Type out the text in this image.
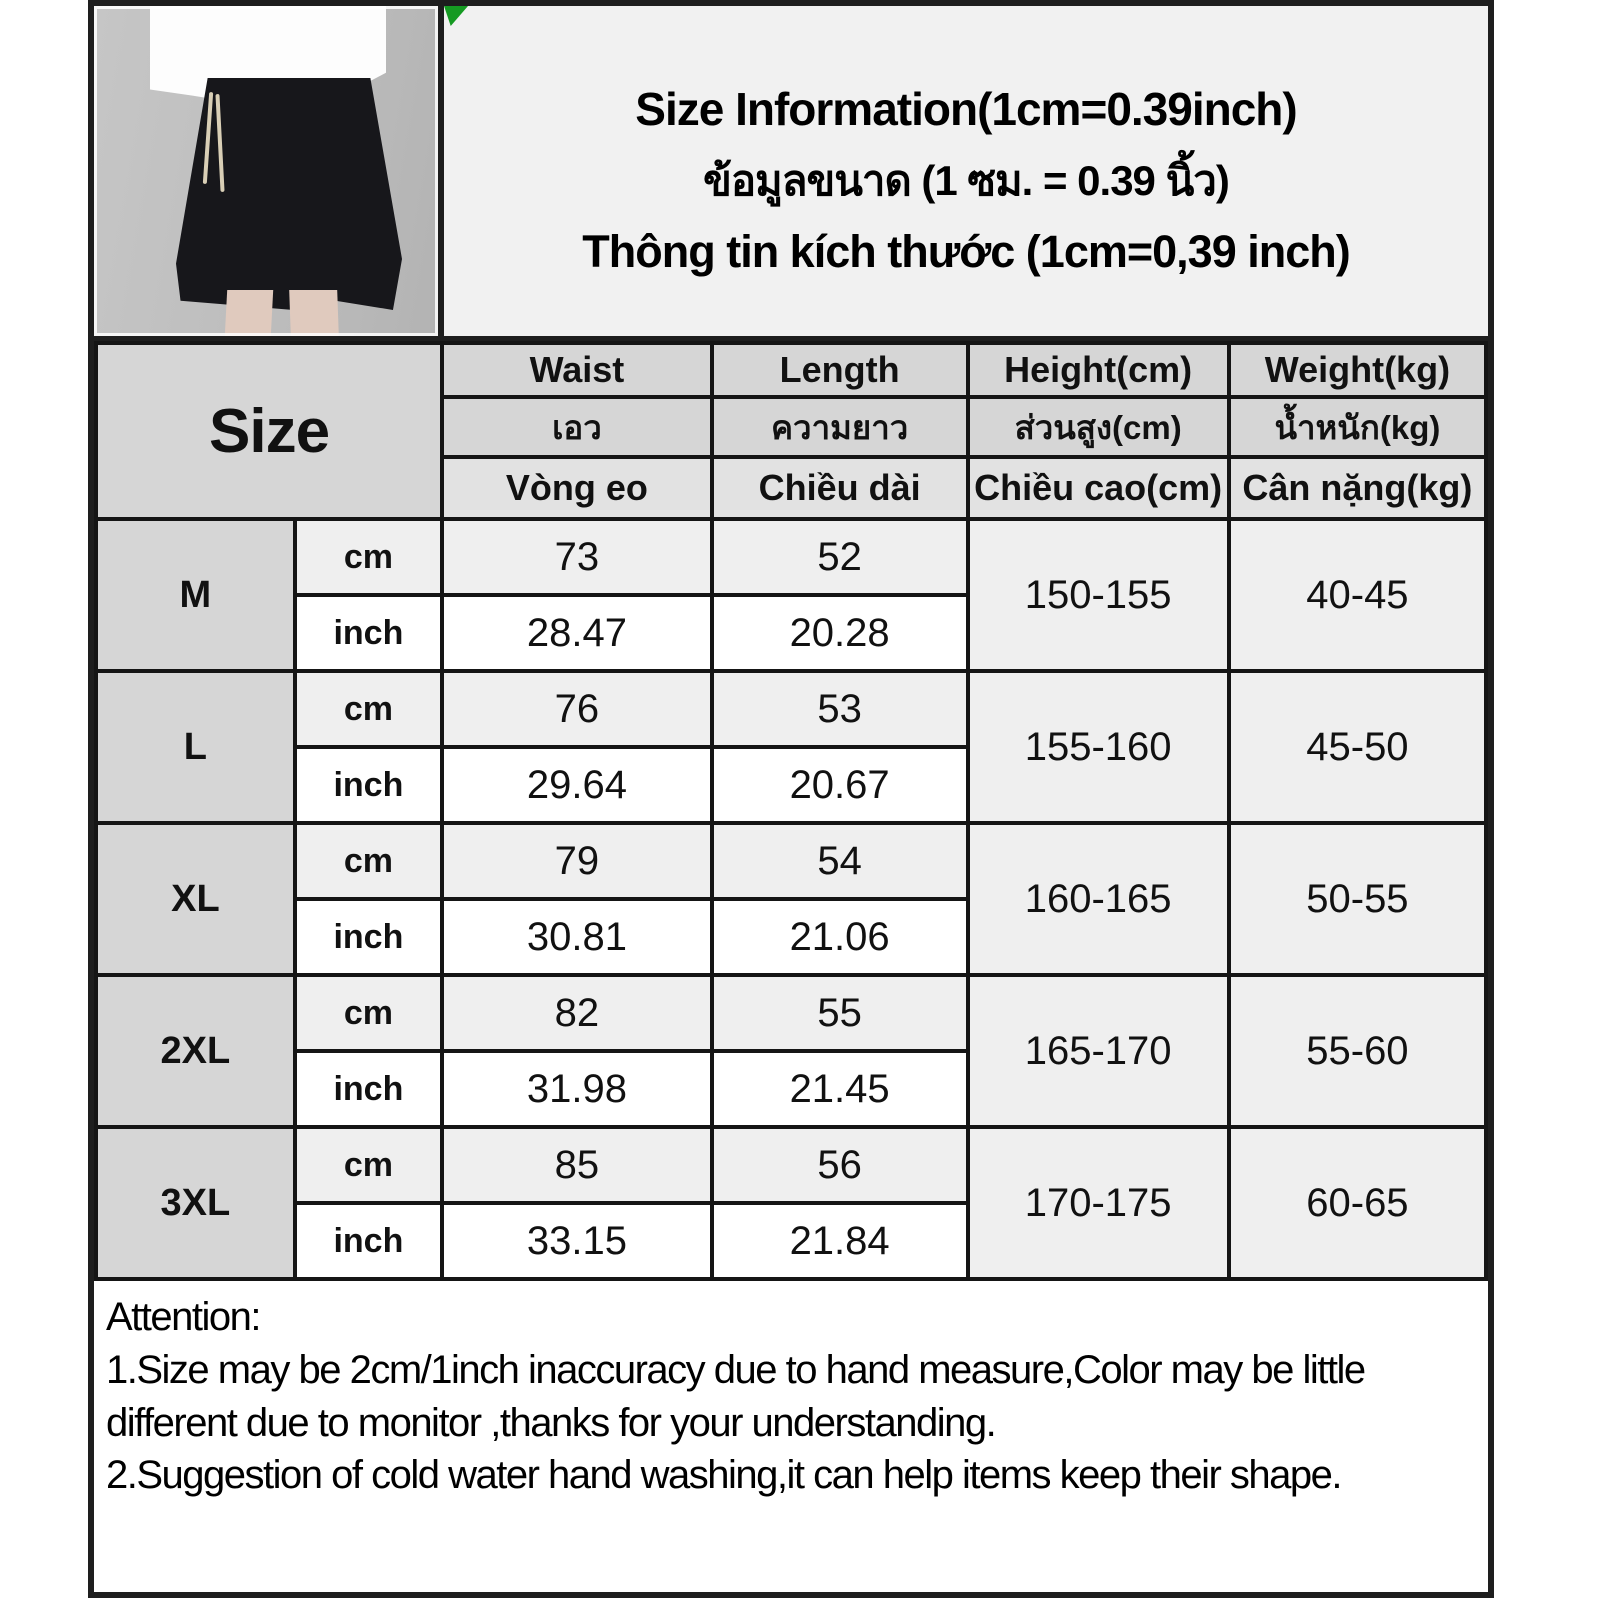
Size Information(1cm=0.39inch)
ข้อมูลขนาด (1 ซม. = 0.39 นิ้ว)
Thông tin kích thước (1cm=0,39 inch)
Size		Waist	Length	Height(cm)	Weight(kg)
		เอว	ความยาว	ส่วนสูง(cm)	น้ำหนัก(kg)
		Vòng eo	Chiều dài	Chiều cao(cm)	Cân nặng(kg)
M	cm	73	52	150-155	40-45
	inch	28.47	20.28		
L	cm	76	53	155-160	45-50
	inch	29.64	20.67		
XL	cm	79	54	160-165	50-55
	inch	30.81	21.06		
2XL	cm	82	55	165-170	55-60
	inch	31.98	21.45		
3XL	cm	85	56	170-175	60-65
	inch	33.15	21.84		

Attention:

1.Size may be 2cm/1inch inaccuracy due to hand measure,Color may be little different due to monitor ,thanks for your understanding.

2.Suggestion of cold water hand washing,it can help items keep their shape.
